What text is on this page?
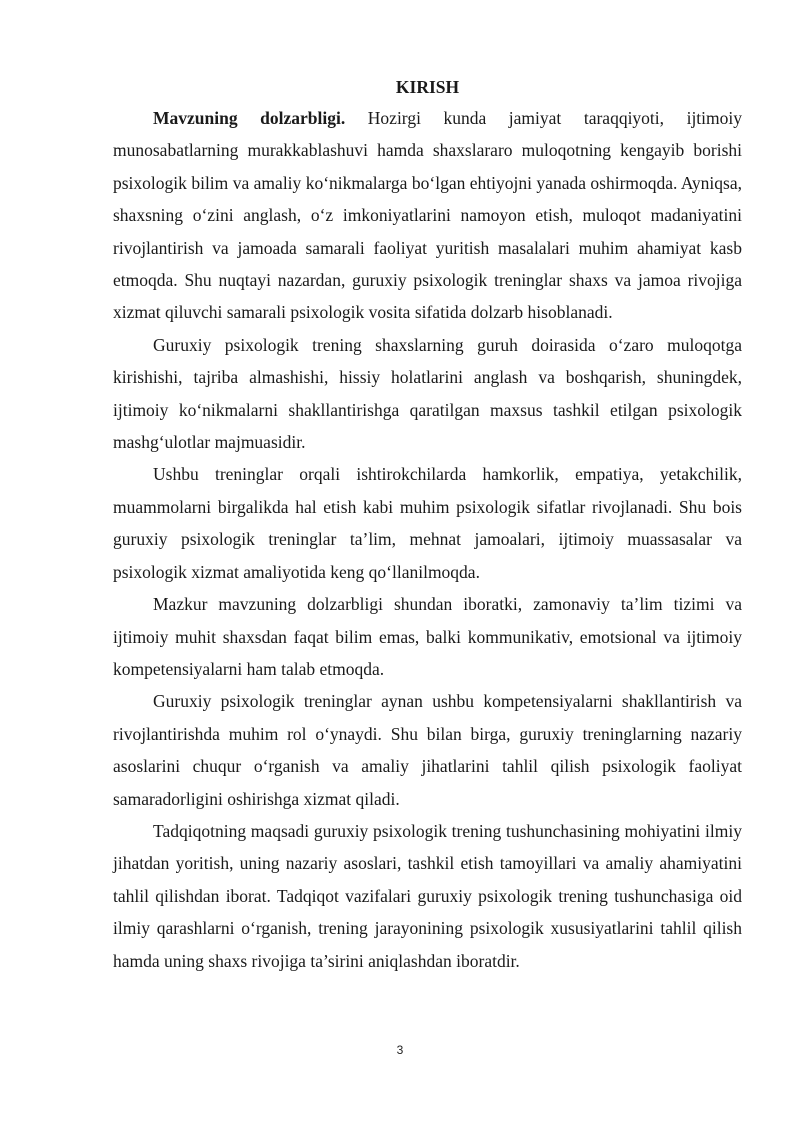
KIRISH

Mavzuning dolzarbligi. Hozirgi kunda jamiyat taraqqiyoti, ijtimoiy munosabatlarning murakkablashuvi hamda shaxslararo muloqotning kengayib borishi psixologik bilim va amaliy ko‘nikmalarga bo‘lgan ehtiyojni yanada oshirmoqda. Ayniqsa, shaxsning o‘zini anglash, o‘z imkoniyatlarini namoyon etish, muloqot madaniyatini rivojlantirish va jamoada samarali faoliyat yuritish masalalari muhim ahamiyat kasb etmoqda. Shu nuqtayi nazardan, guruxiy psixologik treninglar shaxs va jamoa rivojiga xizmat qiluvchi samarali psixologik vosita sifatida dolzarb hisoblanadi.

Guruxiy psixologik trening shaxslarning guruh doirasida o‘zaro muloqotga kirishishi, tajriba almashishi, hissiy holatlarini anglash va boshqarish, shuningdek, ijtimoiy ko‘nikmalarni shakllantirishga qaratilgan maxsus tashkil etilgan psixologik mashg‘ulotlar majmuasidir.

Ushbu treninglar orqali ishtirokchilarda hamkorlik, empatiya, yetakchilik, muammolarni birgalikda hal etish kabi muhim psixologik sifatlar rivojlanadi. Shu bois guruxiy psixologik treninglar ta’lim, mehnat jamoalari, ijtimoiy muassasalar va psixologik xizmat amaliyotida keng qo‘llanilmoqda.

Mazkur mavzuning dolzarbligi shundan iboratki, zamonaviy ta’lim tizimi va ijtimoiy muhit shaxsdan faqat bilim emas, balki kommunikativ, emotsional va ijtimoiy kompetensiyalarni ham talab etmoqda.

Guruxiy psixologik treninglar aynan ushbu kompetensiyalarni shakllantirish va rivojlantirishda muhim rol o‘ynaydi. Shu bilan birga, guruxiy treninglarning nazariy asoslarini chuqur o‘rganish va amaliy jihatlarini tahlil qilish psixologik faoliyat samaradorligini oshirishga xizmat qiladi.

Tadqiqotning maqsadi guruxiy psixologik trening tushunchasining mohiyatini ilmiy jihatdan yoritish, uning nazariy asoslari, tashkil etish tamoyillari va amaliy ahamiyatini tahlil qilishdan iborat. Tadqiqot vazifalari guruxiy psixologik trening tushunchasiga oid ilmiy qarashlarni o‘rganish, trening jarayonining psixologik xususiyatlarini tahlil qilish hamda uning shaxs rivojiga ta’sirini aniqlashdan iboratdir.

3
